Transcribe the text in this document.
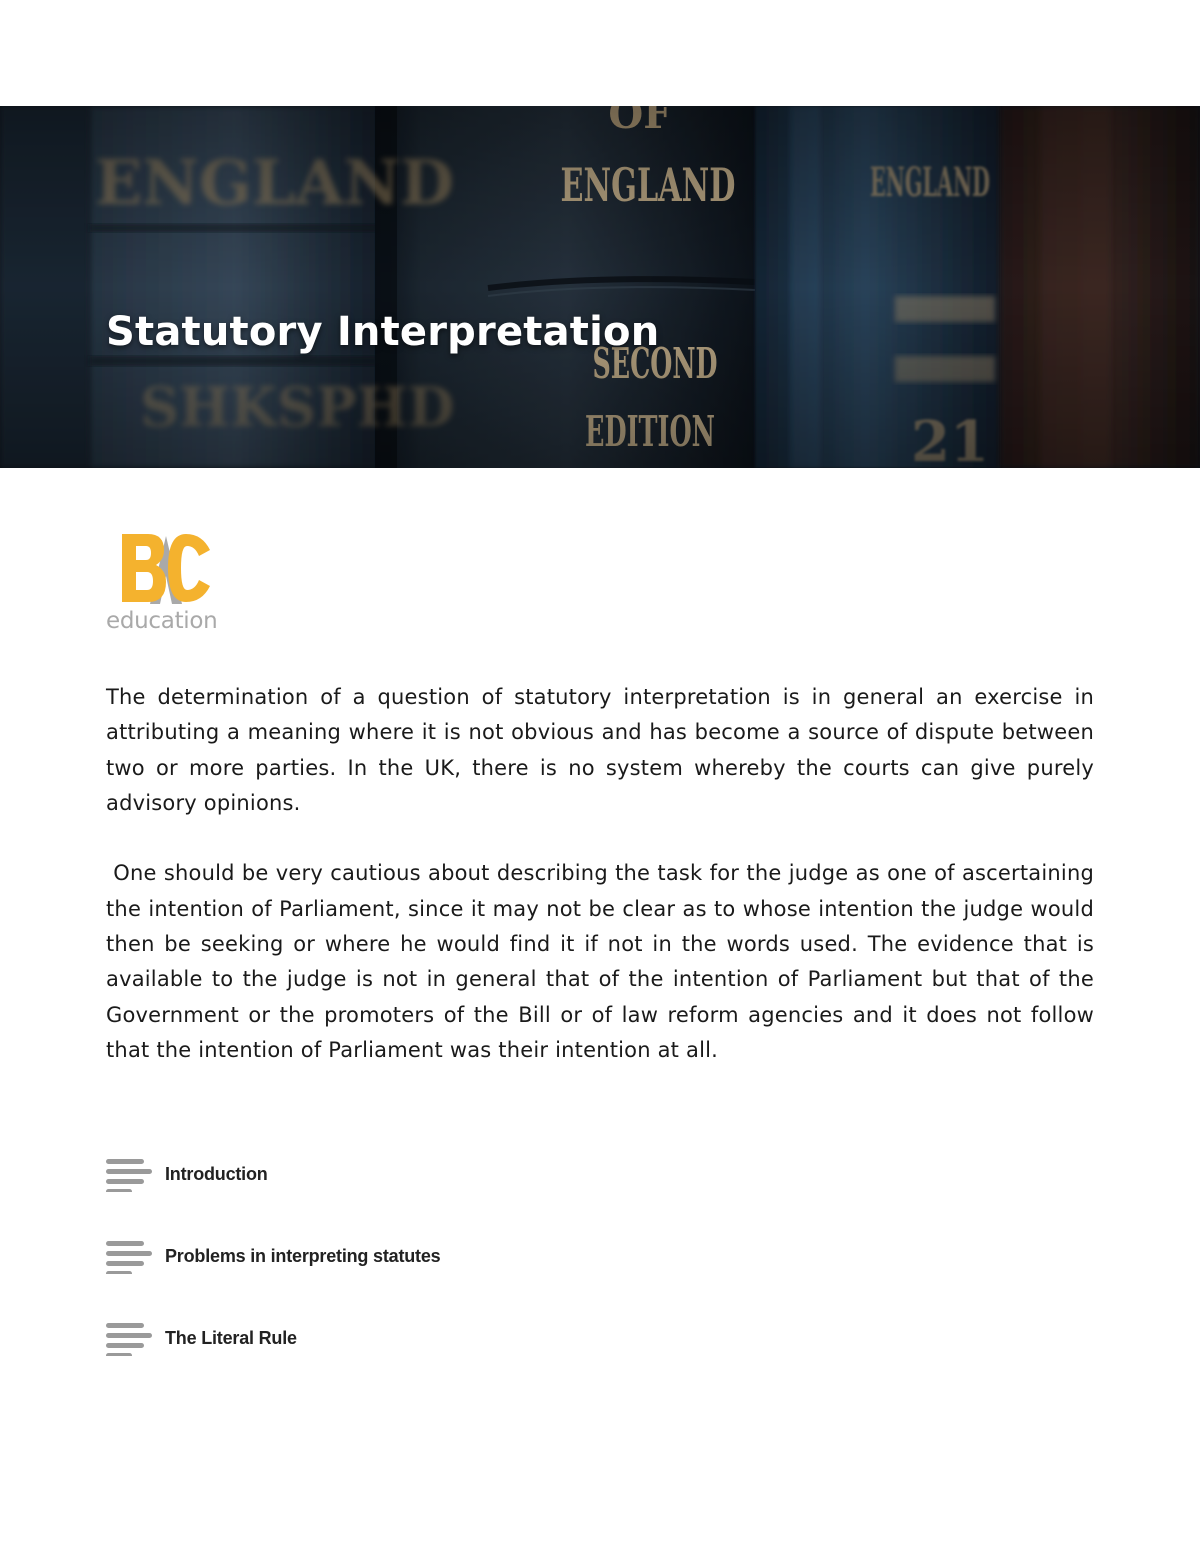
Statutory Interpretation
education

The determination of a question of statutory interpretation is in general an exercise in attributing a meaning where it is not obvious and has become a source of dispute between two or more parties. In the UK, there is no system whereby the courts can give purely advisory opinions.

One should be very cautious about describing the task for the judge as one of ascertaining the intention of Parliament, since it may not be clear as to whose intention the judge would then be seeking or where he would find it if not in the words used. The evidence that is available to the judge is not in general that of the intention of Parliament but that of the Government or the promoters of the Bill or of law reform agencies and it does not follow that the intention of Parliament was their intention at all.

Introduction
Problems in interpreting statutes
The Literal Rule
